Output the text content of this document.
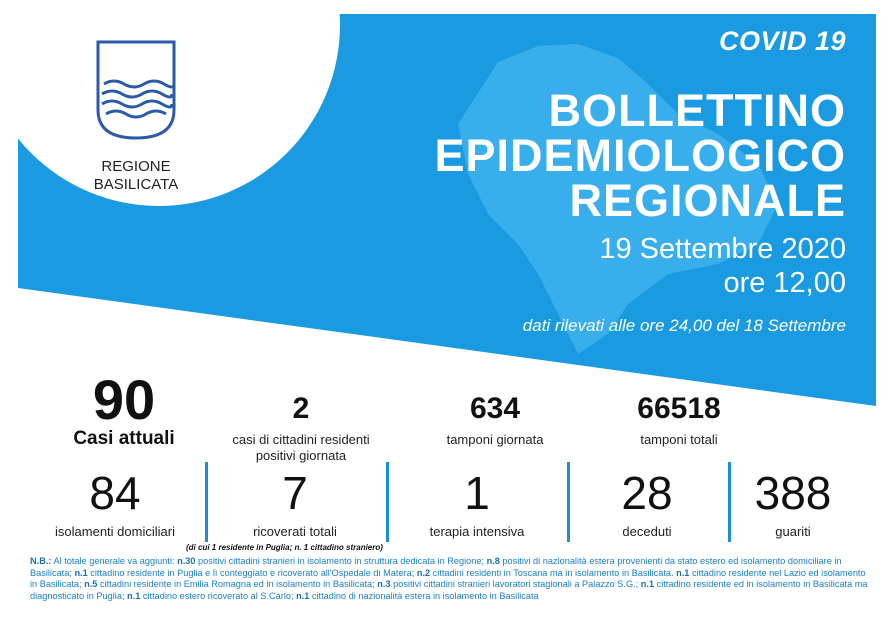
REGIONE
BASILICATA
COVID 19
BOLLETTINO
EPIDEMIOLOGICO
REGIONALE
19 Settembre 2020
ore 12,00
dati rilevati alle ore 24,00 del 18 Settembre
90
Casi attuali
2
casi di cittadini residenti
positivi giornata
634
tamponi giornata
66518
tamponi totali
84
isolamenti domiciliari
7
ricoverati totali
1
terapia intensiva
28
deceduti
388
guariti
(di cui 1 residente in Puglia; n. 1 cittadino straniero)
N.B.: Al totale generale va aggiunti: n.30 positivi cittadini stranieri in isolamento in struttura dedicata in Regione; n.8 positivi di nazionalità estera provenienti da stato estero ed isolamento domiciliare in Basilicata; n.1 cittadino residente in Puglia e lì conteggiato e ricoverato all'Ospedale di Matera; n.2 cittadini residenti in Toscana ma in isolamento in Basilicata. n.1 cittadino residente nel Lazio ed isolamento in Basilicata; n.5 cittadini residente in Emilia Romagna ed in isolamento in Basilicata; n.3 positivi cittadini stranieri lavoratori stagionali a Palazzo S.G.; n.1 cittadino residente ed in isolamento in Basilicata ma diagnosticato in Puglia; n.1 cittadino estero ricoverato al S.Carlo; n.1 cittadino di nazionalità estera in isolamento in Basilicata
